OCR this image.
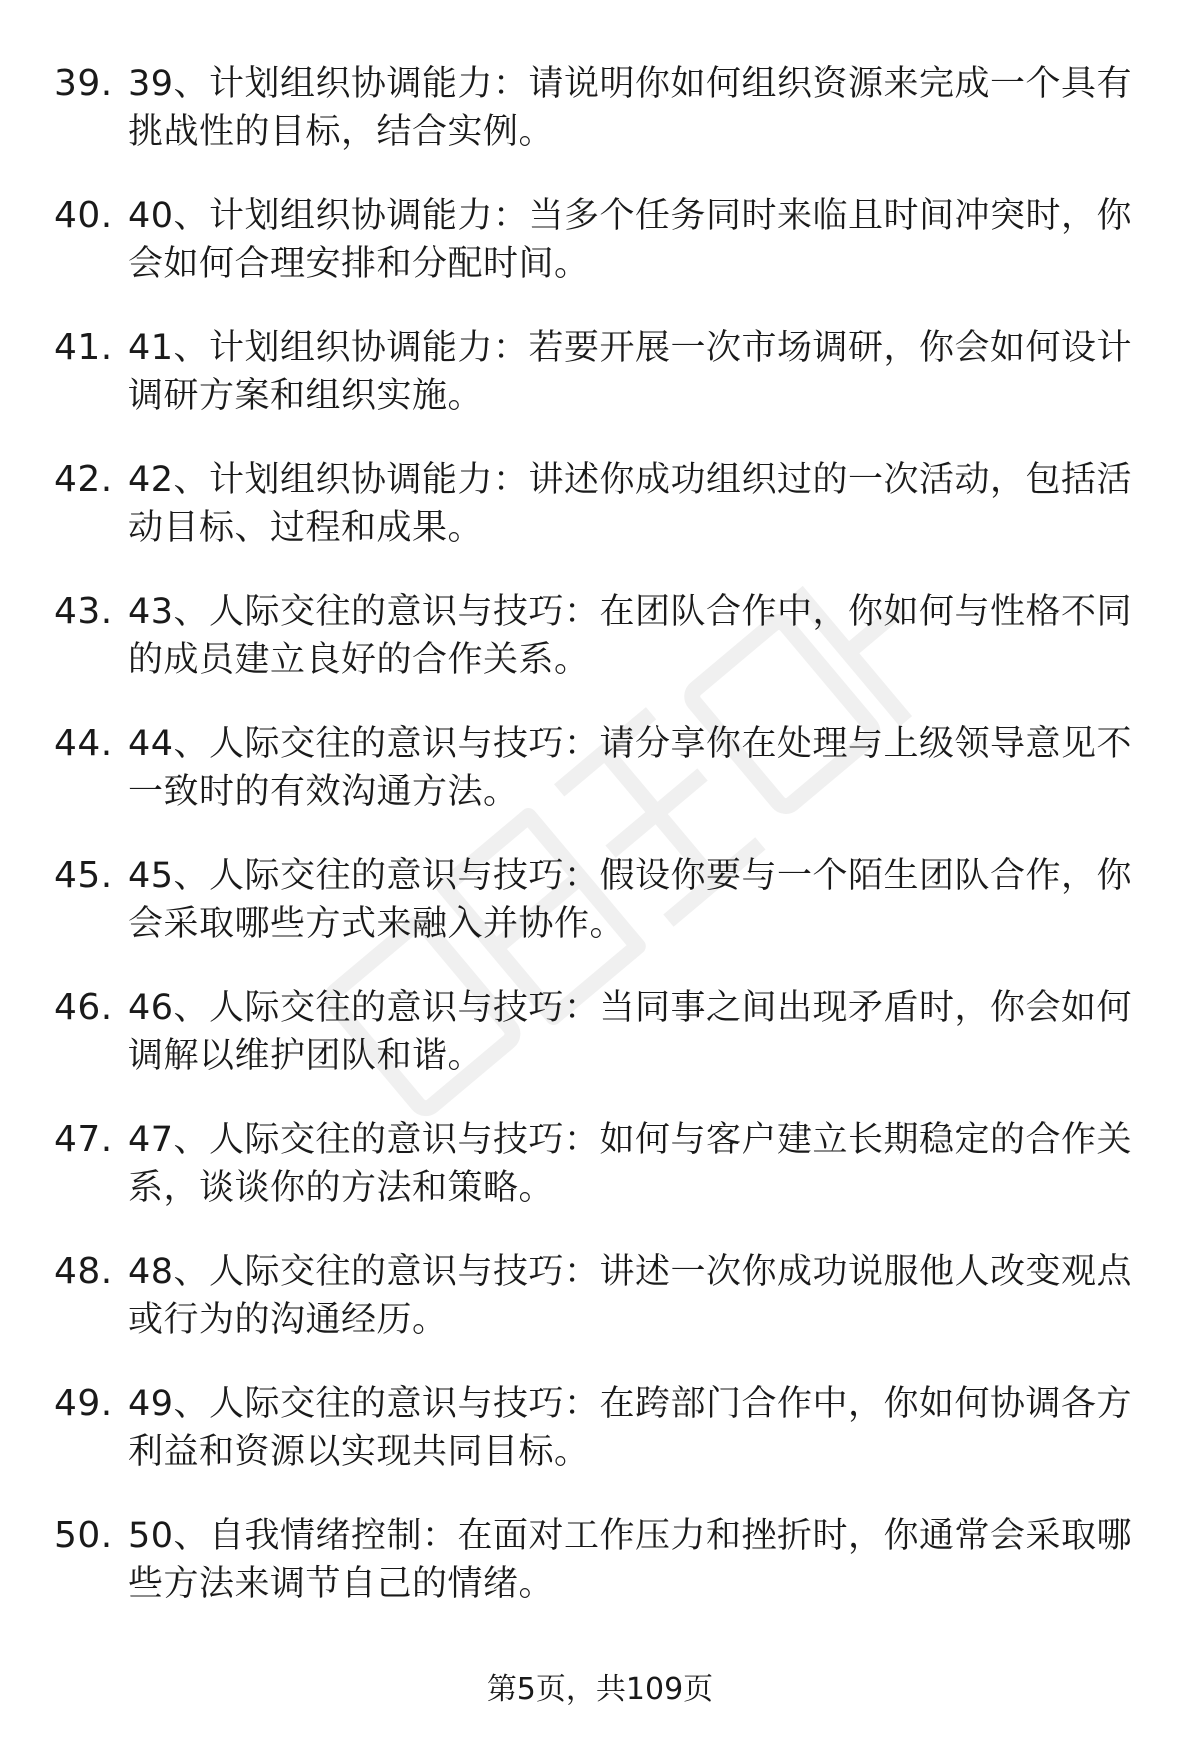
39. 39、计划组织协调能力：请说明你如何组织资源来完成一个具有挑战性的目标，结合实例。
40. 40、计划组织协调能力：当多个任务同时来临且时间冲突时，你会如何合理安排和分配时间。
41. 41、计划组织协调能力：若要开展一次市场调研，你会如何设计调研方案和组织实施。
42. 42、计划组织协调能力：讲述你成功组织过的一次活动，包括活动目标、过程和成果。
43. 43、人际交往的意识与技巧：在团队合作中，你如何与性格不同的成员建立良好的合作关系。
44. 44、人际交往的意识与技巧：请分享你在处理与上级领导意见不一致时的有效沟通方法。
45. 45、人际交往的意识与技巧：假设你要与一个陌生团队合作，你会采取哪些方式来融入并协作。
46. 46、人际交往的意识与技巧：当同事之间出现矛盾时，你会如何调解以维护团队和谐。
47. 47、人际交往的意识与技巧：如何与客户建立长期稳定的合作关系，谈谈你的方法和策略。
48. 48、人际交往的意识与技巧：讲述一次你成功说服他人改变观点或行为的沟通经历。
49. 49、人际交往的意识与技巧：在跨部门合作中，你如何协调各方利益和资源以实现共同目标。
50. 50、自我情绪控制：在面对工作压力和挫折时，你通常会采取哪些方法来调节自己的情绪。
第5页，共109页
